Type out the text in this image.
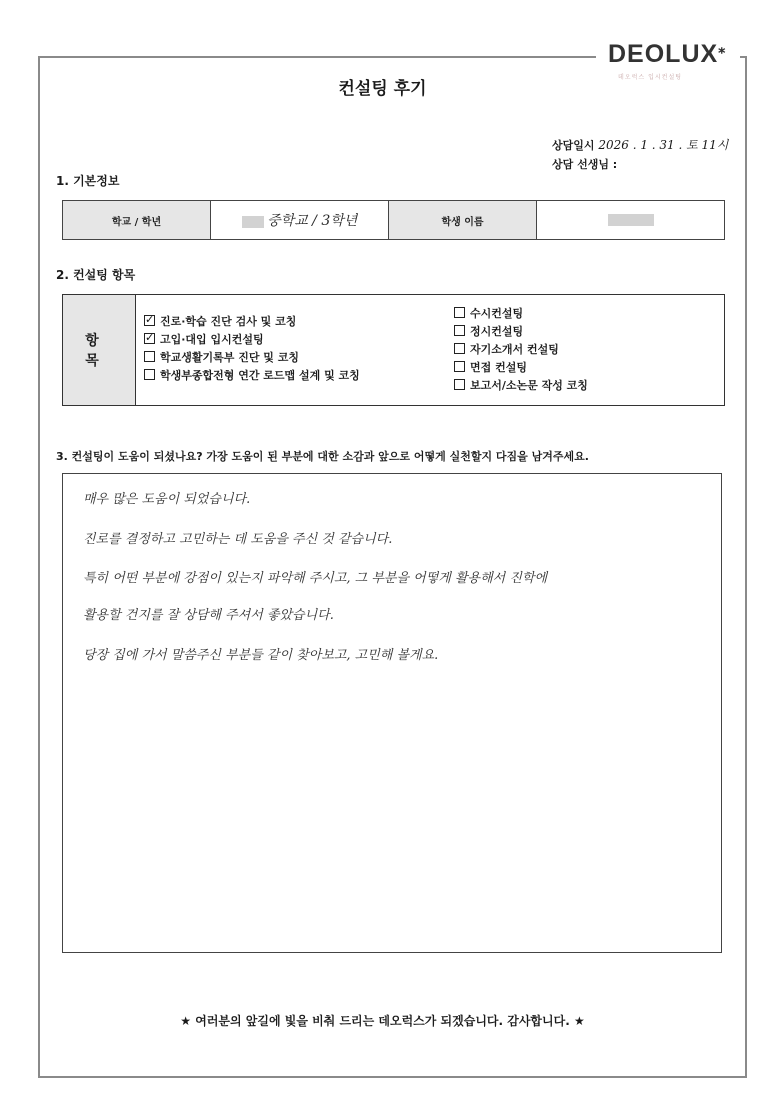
DEOLUX⁎
데오럭스 입시컨설팅
컨설팅 후기
상담일시 2026 . 1 . 31 . 토 11시
상담 선생님 :
1. 기본정보
학교 / 학년	중학교 / 3학년	학생 이름	
2. 컨설팅 항목
항 목	
✓진로·학습 진단 검사 및 코칭
✓고입·대입 입시컨설팅
학교생활기록부 진단 및 코칭
학생부종합전형 연간 로드맵 설계 및 코칭
수시컨설팅
정시컨설팅
자기소개서 컨설팅
면접 컨설팅
보고서/소논문 작성 코칭
3. 컨설팅이 도움이 되셨나요? 가장 도움이 된 부분에 대한 소감과 앞으로 어떻게 실천할지 다짐을 남겨주세요.
매우 많은 도움이 되었습니다.
진로를 결정하고 고민하는 데 도움을 주신 것 같습니다.
특히 어떤 부분에 강점이 있는지 파악해 주시고, 그 부분을 어떻게 활용해서 진학에
활용할 건지를 잘 상담해 주셔서 좋았습니다.
당장 집에 가서 말씀주신 부분들 같이 찾아보고, 고민해 볼게요.
★ 여러분의 앞길에 빛을 비춰 드리는 데오럭스가 되겠습니다. 감사합니다. ★
